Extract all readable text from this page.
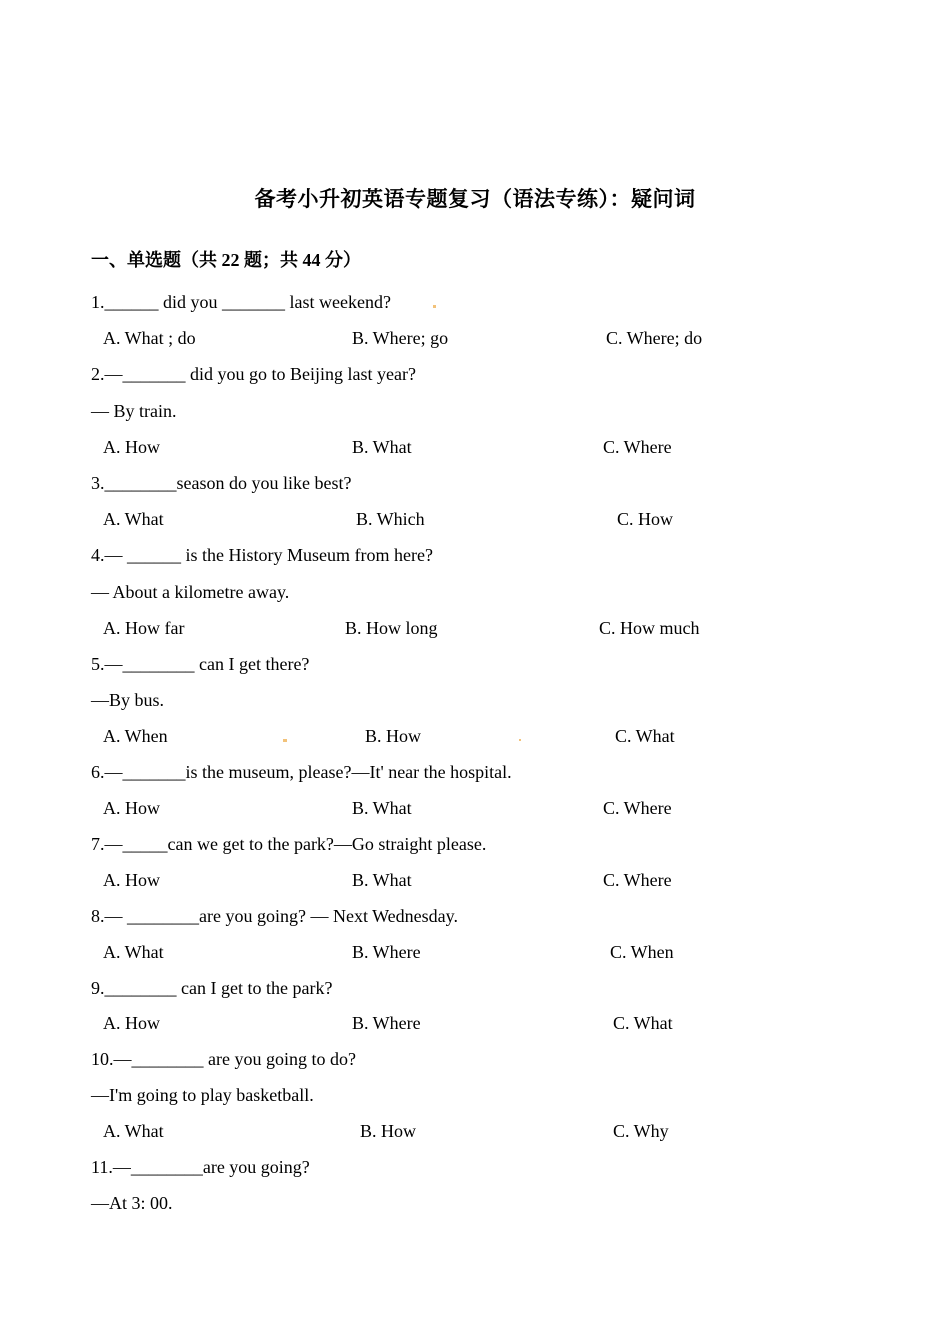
备考小升初英语专题复习（语法专练）：疑问词
一、单选题（共 22 题；共 44 分）
1.______ did you _______ last weekend?
A. What ; do	B. Where; go	C. Where; do
2.—_______ did you go to Beijing last year?
— By train.
A. How	B. What	C. Where
3.________season do you like best?
A. What	B. Which	C. How
4.— ______ is the History Museum from here?
— About a kilometre away.
A. How far	B. How long	C. How much
5.—________ can I get there?
—By bus.
A. When	B. How	C. What
6.—_______is the museum, please?—It' near the hospital.
A. How	B. What	C. Where
7.—_____can we get to the park?—Go straight please.
A. How	B. What	C. Where
8.— ________are you going? — Next Wednesday.
A. What	B. Where	C. When
9.________ can I get to the park?
A. How	B. Where	C. What
10.—________ are you going to do?
—I'm going to play basketball.
A. What	B. How	C. Why
11.—________are you going?
—At 3: 00.
